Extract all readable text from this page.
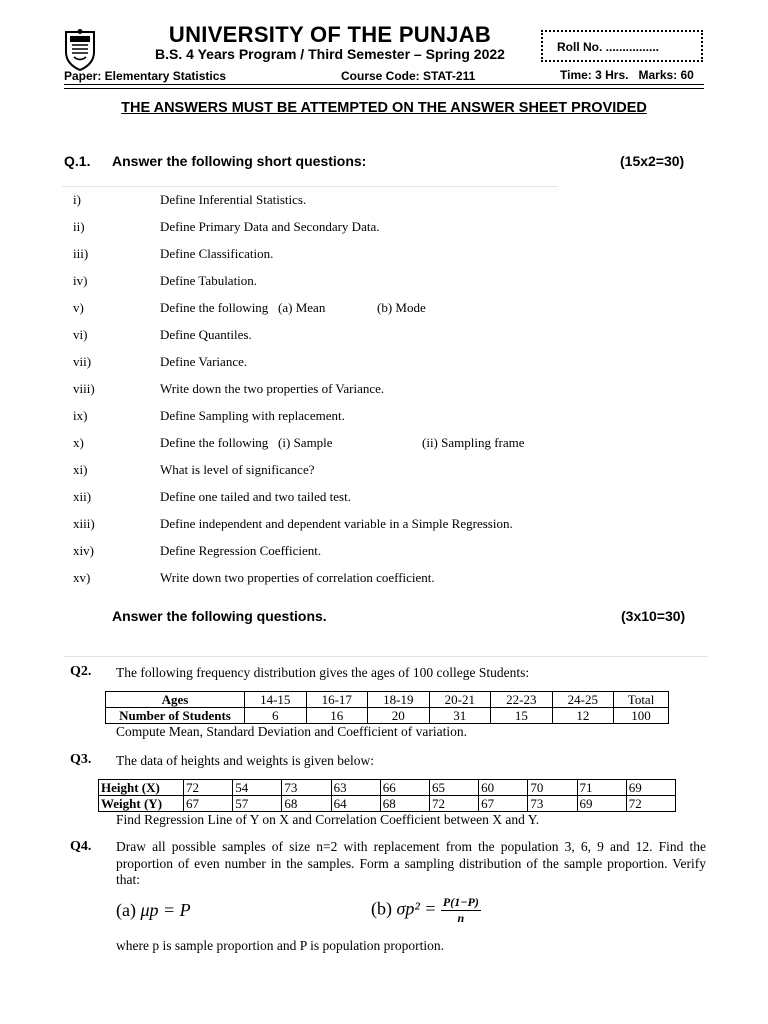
UNIVERSITY OF THE PUNJAB
B.S. 4 Years Program / Third Semester – Spring 2022	Roll No. ................
Paper: Elementary Statistics	Course Code: STAT-211	Time: 3 Hrs.   Marks: 60
THE ANSWERS MUST BE ATTEMPTED ON THE ANSWER SHEET PROVIDED
Q.1. Answer the following short questions:	(15x2=30)
i)	Define Inferential Statistics.
ii)	Define Primary Data and Secondary Data.
iii)	Define Classification.
iv)	Define Tabulation.
v)	Define the following   (a) Mean	(b) Mode
vi)	Define Quantiles.
vii)	Define Variance.
viii)	Write down the two properties of Variance.
ix)	Define Sampling with replacement.
x)	Define the following   (i) Sample	(ii) Sampling frame
xi)	What is level of significance?
xii)	Define one tailed and two tailed test.
xiii)	Define independent and dependent variable in a Simple Regression.
xiv)	Define Regression Coefficient.
xv)	Write down two properties of correlation coefficient.
Answer the following questions.	(3x10=30)
Q2. The following frequency distribution gives the ages of 100 college Students:
Ages	14-15	16-17	18-19	20-21	22-23	24-25	Total
Number of Students	6	16	20	31	15	12	100
Compute Mean, Standard Deviation and Coefficient of variation.
Q3. The data of heights and weights is given below:
Height (X)	72	54	73	63	66	65	60	70	71	69
Weight (Y)	67	57	68	64	68	72	67	73	69	72
Find Regression Line of Y on X and Correlation Coefficient between X and Y.
Q4. Draw all possible samples of size n=2 with replacement from the population 3, 6, 9 and 12. Find the proportion of even number in the samples. Form a sampling distribution of the sample proportion. Verify that:
(a) μp = P	(b) $\sigma p^2 = \frac{P(1-P)}{n}$
where p is sample proportion and P is population proportion.
